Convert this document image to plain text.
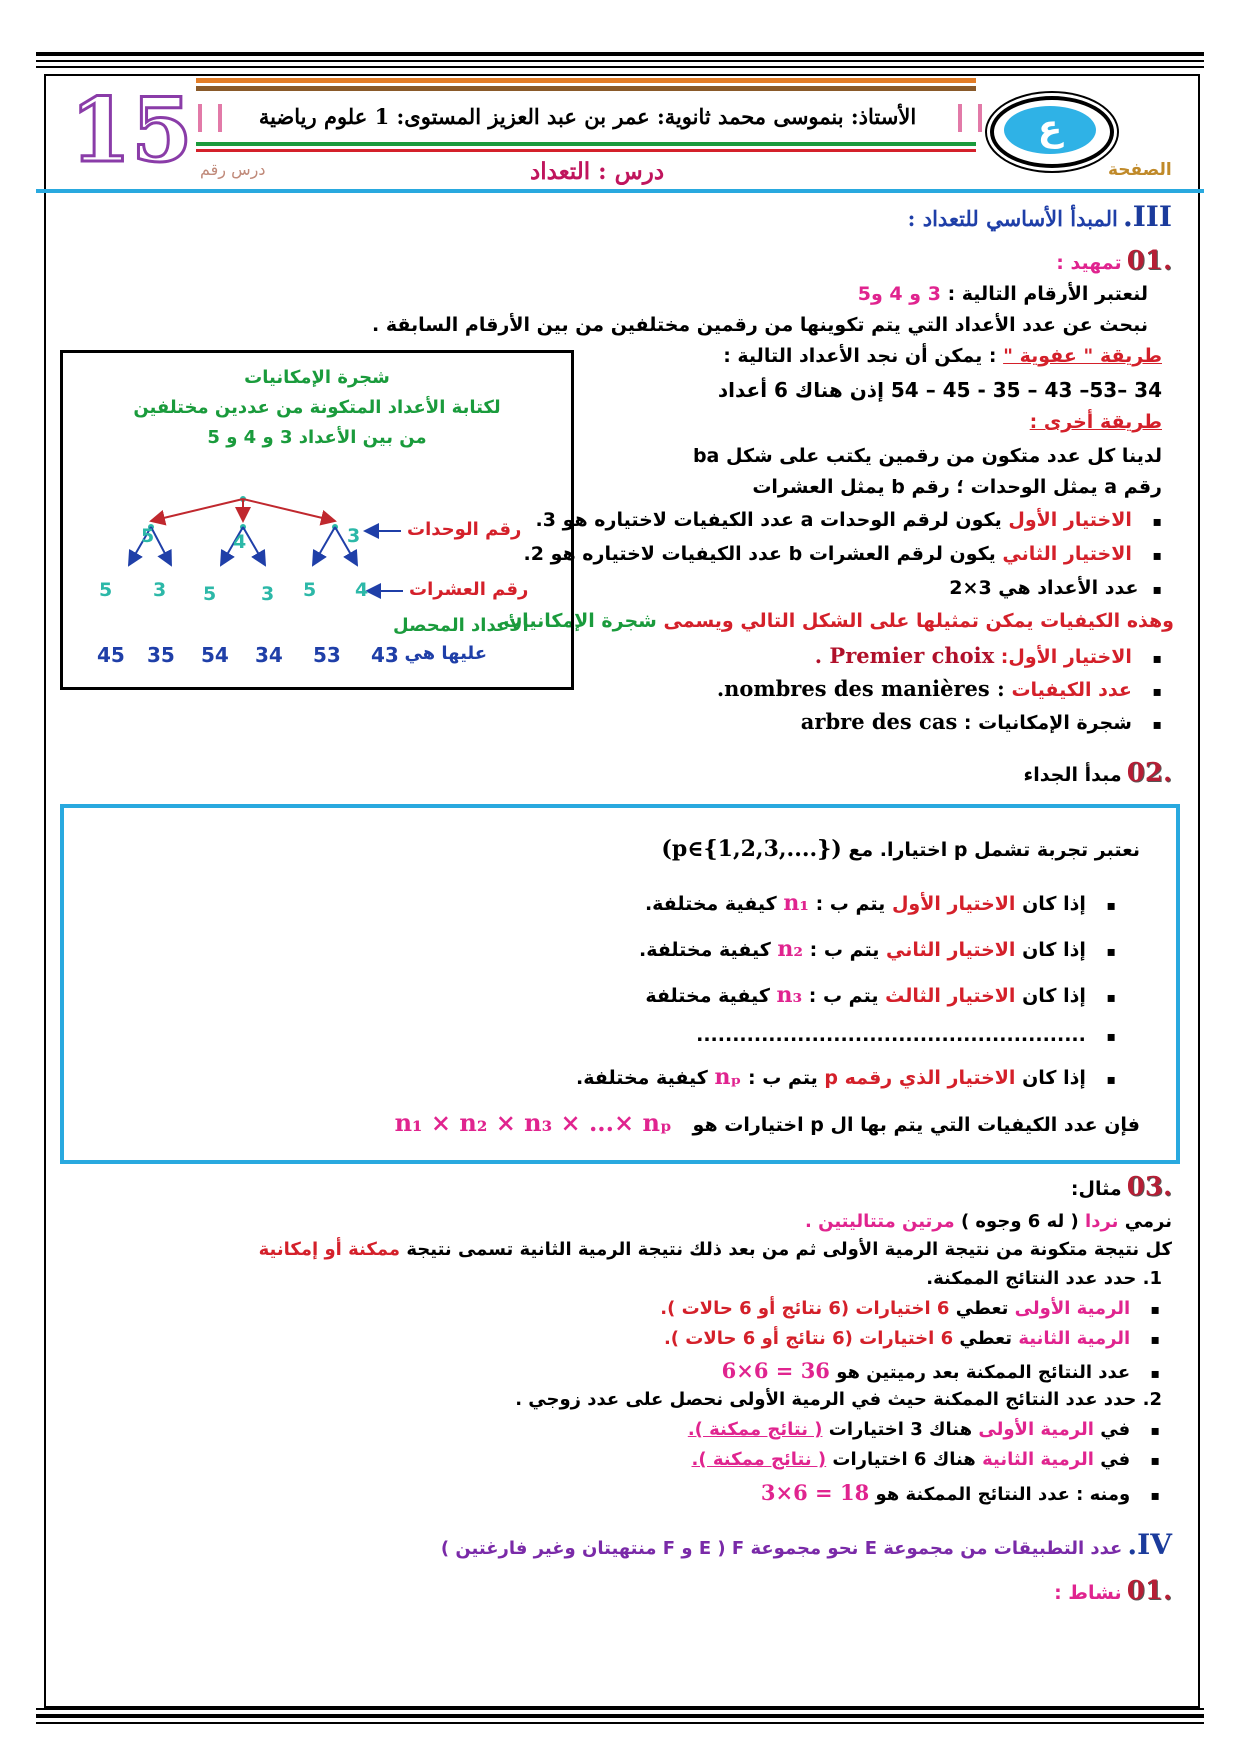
15	الأستاذ: بنموسى محمد ثانوية: عمر بن عبد العزيز المستوى: 1 علوم رياضية	ع
الصفحة
درس : التعداد
درس رقم
III. المبدأ الأساسي للتعداد :
.01 تمهيد :
لنعتبر الأرقام التالية : 3 و 4 و5
نبحث عن عدد الأعداد التي يتم تكوينها من رقمين مختلفين من بين الأرقام السابقة .
طريقة " عفوية " : يمكن أن نجد الأعداد التالية :
34 –53– 43 – 35 - 45 – 54 إذن هناك 6 أعداد
طريقة أخرى :
لدينا كل عدد متكون من رقمين يكتب على شكل ba
رقم a يمثل الوحدات ؛ رقم b يمثل العشرات
▪ الاختيار الأول يكون لرقم الوحدات a عدد الكيفيات لاختياره هو 3.
▪ الاختيار الثاني يكون لرقم العشرات b عدد الكيفيات لاختياره هو 2.
▪ عدد الأعداد هي 3×2
وهذه الكيفيات يمكن تمثيلها على الشكل التالي ويسمى شجرة الإمكانيات.
▪ الاختيار الأول: Premier choix .
▪ عدد الكيفيات : nombres des manières.
▪ شجرة الإمكانيات : arbre des cas
شجرة الإمكانيات
لكتابة الأعداد المتكونة من عددين مختلفين
من بين الأعداد 3 و 4 و 5
5	4	3
5 3 5 3 5 4
رقم الوحدات
رقم العشرات
الأعداد المحصل
عليها هي :
45 35 54 34 53 43
.02 مبدأ الجداء
نعتبر تجربة تشمل p اختيارا. مع (p∈{1,2,3,....})
▪ إذا كان الاختيار الأول يتم ب : n₁ كيفية مختلفة.
▪ إذا كان الاختيار الثاني يتم ب : n₂ كيفية مختلفة.
▪ إذا كان الاختيار الثالث يتم ب : n₃ كيفية مختلفة
▪ ......................................................
▪ إذا كان الاختيار الذي رقمه p يتم ب : nₚ كيفية مختلفة.
فإن عدد الكيفيات التي يتم بها ال p اختيارات هو n₁ × n₂ × n₃ × ...× nₚ
.03 مثال:
نرمي نردا ( له 6 وجوه ) مرتين متتاليتين .
كل نتيجة متكونة من نتيجة الرمية الأولى ثم من بعد ذلك نتيجة الرمية الثانية تسمى نتيجة ممكنة أو إمكانية
1. حدد عدد النتائج الممكنة.
▪ الرمية الأولى تعطي 6 اختيارات (6 نتائج أو 6 حالات ).
▪ الرمية الثانية تعطي 6 اختيارات (6 نتائج أو 6 حالات ).
▪ عدد النتائج الممكنة بعد رميتين هو 36 = 6×6
2. حدد عدد النتائج الممكنة حيث في الرمية الأولى نحصل على عدد زوجي .
▪ في الرمية الأولى هناك 3 اختيارات ( نتائج ممكنة ).
▪ في الرمية الثانية هناك 6 اختيارات ( نتائج ممكنة ).
▪ ومنه : عدد النتائج الممكنة هو 18 = 6×3
IV. عدد التطبيقات من مجموعة E نحو مجموعة F ( E و F منتهيتان وغير فارغتين )
.01 نشاط :
